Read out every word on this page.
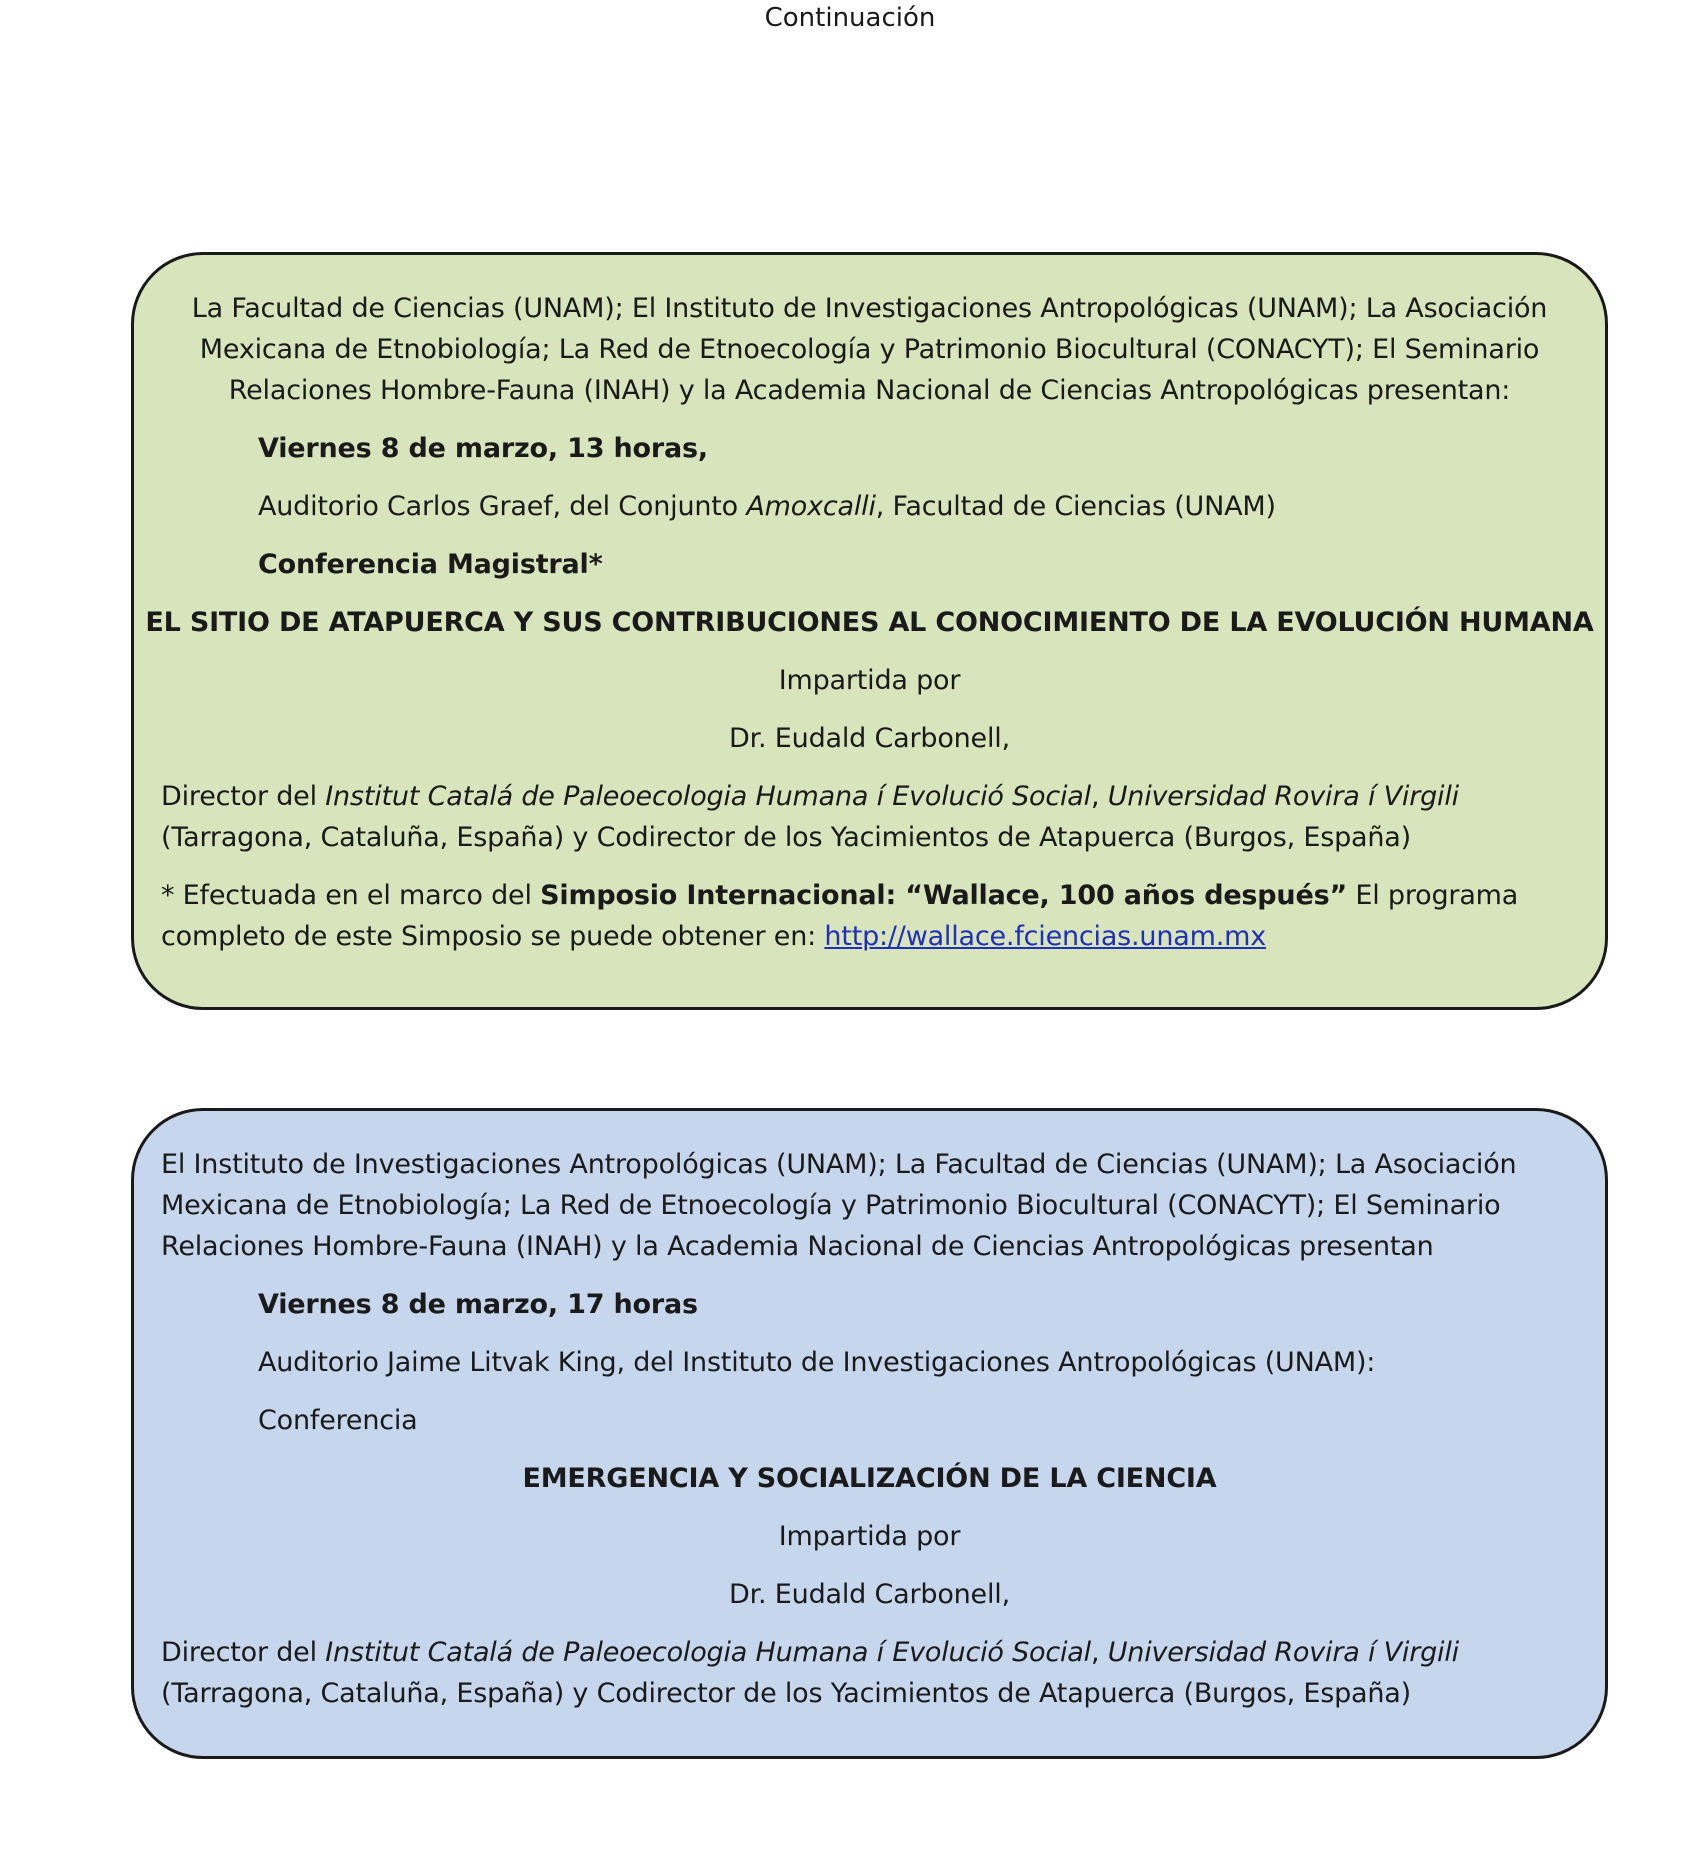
Continuación
La Facultad de Ciencias (UNAM); El Instituto de Investigaciones Antropológicas (UNAM); La Asociación
Mexicana de Etnobiología; La Red de Etnoecología y Patrimonio Biocultural (CONACYT); El Seminario
Relaciones Hombre-Fauna (INAH) y la Academia Nacional de Ciencias Antropológicas presentan:
Viernes 8 de marzo, 13 horas,
Auditorio Carlos Graef, del Conjunto Amoxcalli, Facultad de Ciencias (UNAM)
Conferencia Magistral*
EL SITIO DE ATAPUERCA Y SUS CONTRIBUCIONES AL CONOCIMIENTO DE LA EVOLUCIÓN HUMANA
Impartida por
Dr. Eudald Carbonell,
Director del Institut Catalá de Paleoecologia Humana í Evolució Social, Universidad Rovira í Virgili
(Tarragona, Cataluña, España) y Codirector de los Yacimientos de Atapuerca (Burgos, España)
* Efectuada en el marco del Simposio Internacional: “Wallace, 100 años después” El programa
completo de este Simposio se puede obtener en: http://wallace.fciencias.unam.mx
El Instituto de Investigaciones Antropológicas (UNAM); La Facultad de Ciencias (UNAM); La Asociación
Mexicana de Etnobiología; La Red de Etnoecología y Patrimonio Biocultural (CONACYT); El Seminario
Relaciones Hombre-Fauna (INAH) y la Academia Nacional de Ciencias Antropológicas presentan
Viernes 8 de marzo, 17 horas
Auditorio Jaime Litvak King, del Instituto de Investigaciones Antropológicas (UNAM):
Conferencia
EMERGENCIA Y SOCIALIZACIÓN DE LA CIENCIA
Impartida por
Dr. Eudald Carbonell,
Director del Institut Catalá de Paleoecologia Humana í Evolució Social, Universidad Rovira í Virgili
(Tarragona, Cataluña, España) y Codirector de los Yacimientos de Atapuerca (Burgos, España)
